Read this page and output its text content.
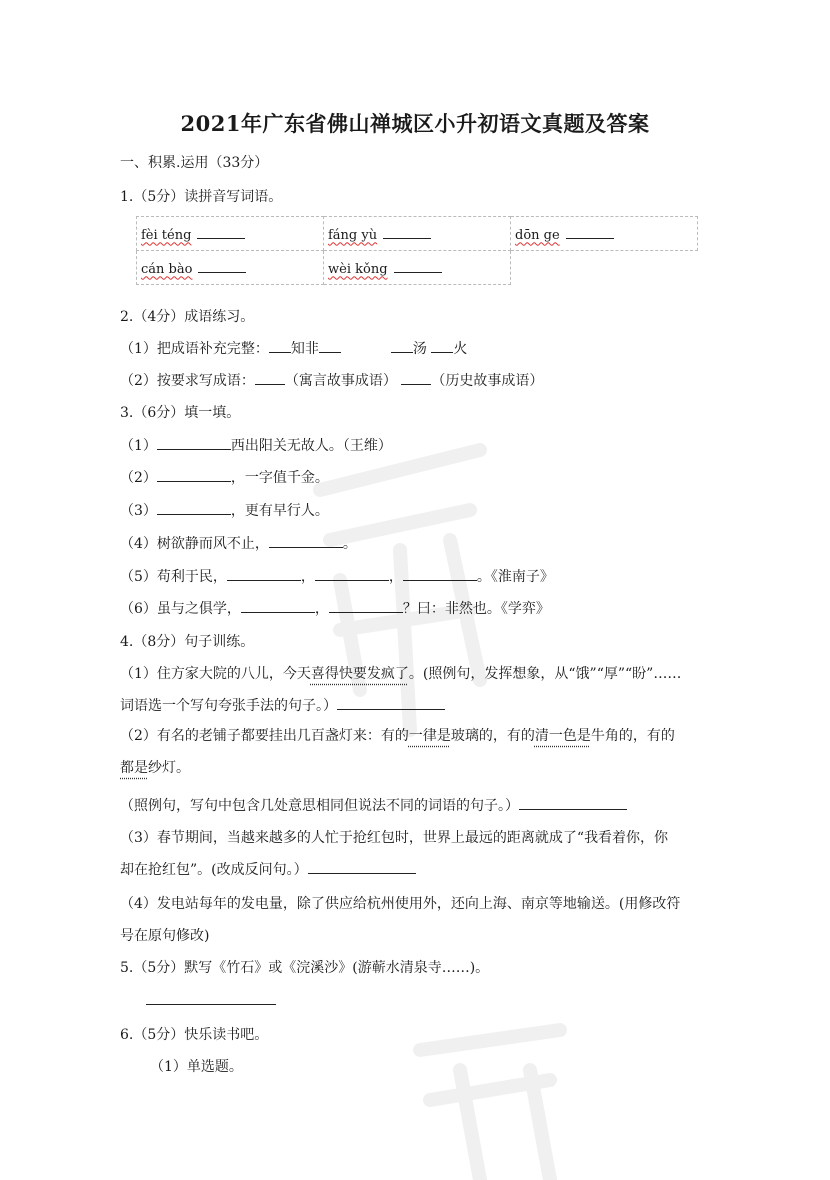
2021年广东省佛山禅城区小升初语文真题及答案
一、积累.运用（33分）
1.（5分）读拼音写词语。
fèi téng	fáng yù	dōn ge
cán bào	wèi kǒng	
2.（4分）成语练习。
（1）把成语补充完整： 知非	汤 火
（2）按要求写成语： （寓言故事成语） （历史故事成语）
3.（6分）填一填。
（1）	西出阳关无故人。（王维）
（2）	，一字值千金。
（3）	，更有早行人。
（4）树欲静而风不止，	。
（5）苟利于民，	，	，	。《淮南子》
（6）虽与之俱学，	，	？曰：非然也。《学弈》
4.（8分）句子训练。
（1）住方家大院的八儿，今天喜得快要发疯了。(照例句，发挥想象，从“饿”“厚”“盼”……
词语选一个写句夸张手法的句子。）
（2）有名的老铺子都要挂出几百盏灯来：有的一律是玻璃的，有的清一色是牛角的，有的
都是纱灯。
（照例句，写句中包含几处意思相同但说法不同的词语的句子。）
（3）春节期间，当越来越多的人忙于抢红包时，世界上最远的距离就成了“我看着你，你
却在抢红包”。(改成反问句。）
（4）发电站每年的发电量，除了供应给杭州使用外，还向上海、南京等地输送。(用修改符
号在原句修改)
5.（5分）默写《竹石》或《浣溪沙》(游蕲水清泉寺……)。
6.（5分）快乐读书吧。
（1）单选题。
